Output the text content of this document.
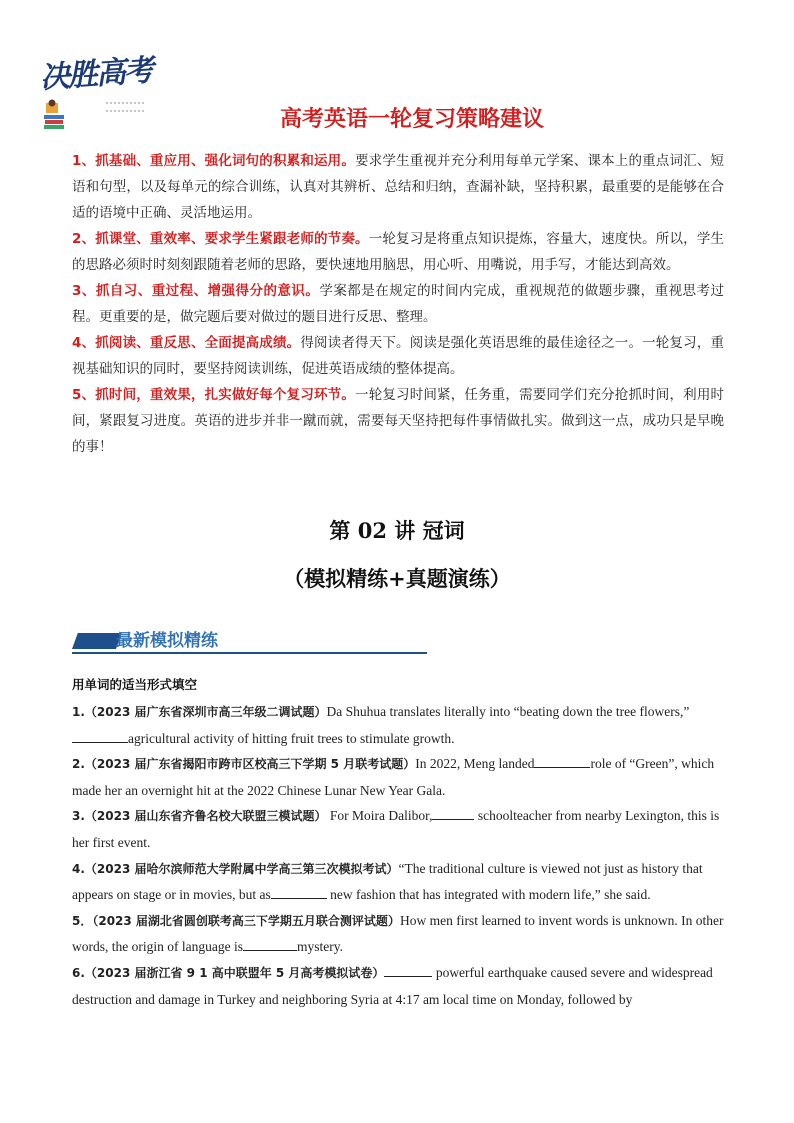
决胜高考
高考英语一轮复习策略建议

1、抓基础、重应用、强化词句的积累和运用。要求学生重视并充分利用每单元学案、课本上的重点词汇、短语和句型，以及每单元的综合训练，认真对其辨析、总结和归纳，查漏补缺，坚持积累，最重要的是能够在合适的语境中正确、灵活地运用。

2、抓课堂、重效率、要求学生紧跟老师的节奏。一轮复习是将重点知识提炼，容量大，速度快。所以，学生的思路必须时时刻刻跟随着老师的思路，要快速地用脑思，用心听、用嘴说，用手写，才能达到高效。

3、抓自习、重过程、增强得分的意识。学案都是在规定的时间内完成，重视规范的做题步骤，重视思考过程。更重要的是，做完题后要对做过的题目进行反思、整理。

4、抓阅读、重反思、全面提高成绩。得阅读者得天下。阅读是强化英语思维的最佳途径之一。一轮复习，重视基础知识的同时，要坚持阅读训练，促进英语成绩的整体提高。

5、抓时间，重效果，扎实做好每个复习环节。一轮复习时间紧，任务重，需要同学们充分抢抓时间，利用时间，紧跟复习进度。英语的进步并非一蹴而就，需要每天坚持把每件事情做扎实。做到这一点，成功只是早晚的事！

第 02 讲 冠词
（模拟精练+真题演练）
最新模拟精练
用单词的适当形式填空

1.（2023 届广东省深圳市高三年级二调试题）Da Shuhua translates literally into “beating down the tree flowers,”agricultural activity of hitting fruit trees to stimulate growth.

2.（2023 届广东省揭阳市跨市区校高三下学期 5 月联考试题）In 2022, Meng landed	role of “Green”, which made her an overnight hit at the 2022 Chinese Lunar New Year Gala.

3.（2023 届山东省齐鲁名校大联盟三模试题） For Moira Dalibor,	schoolteacher from nearby Lexington, this is her first event.

4.（2023 届哈尔滨师范大学附属中学高三第三次模拟考试）“The traditional culture is viewed not just as history that appears on stage or in movies, but as	new fashion that has integrated with modern life,” she said.

5．（2023 届湖北省圆创联考高三下学期五月联合测评试题）How men first learned to invent words is unknown. In other words, the origin of language is	mystery.

6.（2023 届浙江省 9 1 高中联盟年 5 月高考模拟试卷）	powerful earthquake caused severe and widespread destruction and damage in Turkey and neighboring Syria at 4:17 am local time on Monday, followed by
